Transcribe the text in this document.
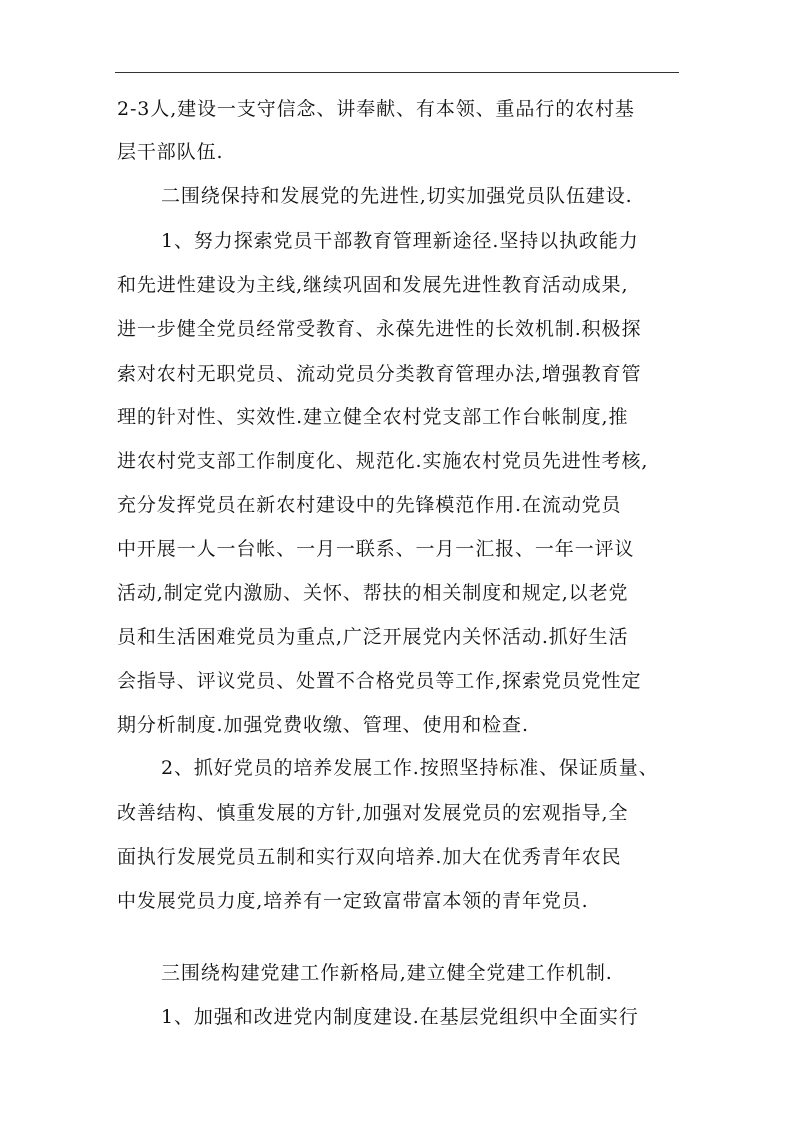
2-3人,建设一支守信念、讲奉献、有本领、重品行的农村基
层干部队伍.
二围绕保持和发展党的先进性,切实加强党员队伍建设.
1、努力探索党员干部教育管理新途径.坚持以执政能力
和先进性建设为主线,继续巩固和发展先进性教育活动成果,
进一步健全党员经常受教育、永葆先进性的长效机制.积极探
索对农村无职党员、流动党员分类教育管理办法,增强教育管
理的针对性、实效性.建立健全农村党支部工作台帐制度,推
进农村党支部工作制度化、规范化.实施农村党员先进性考核,
充分发挥党员在新农村建设中的先锋模范作用.在流动党员
中开展一人一台帐、一月一联系、一月一汇报、一年一评议
活动,制定党内激励、关怀、帮扶的相关制度和规定,以老党
员和生活困难党员为重点,广泛开展党内关怀活动.抓好生活
会指导、评议党员、处置不合格党员等工作,探索党员党性定
期分析制度.加强党费收缴、管理、使用和检查.
2、抓好党员的培养发展工作.按照坚持标准、保证质量、
改善结构、慎重发展的方针,加强对发展党员的宏观指导,全
面执行发展党员五制和实行双向培养.加大在优秀青年农民
中发展党员力度,培养有一定致富带富本领的青年党员.
三围绕构建党建工作新格局,建立健全党建工作机制.
1、加强和改进党内制度建设.在基层党组织中全面实行
